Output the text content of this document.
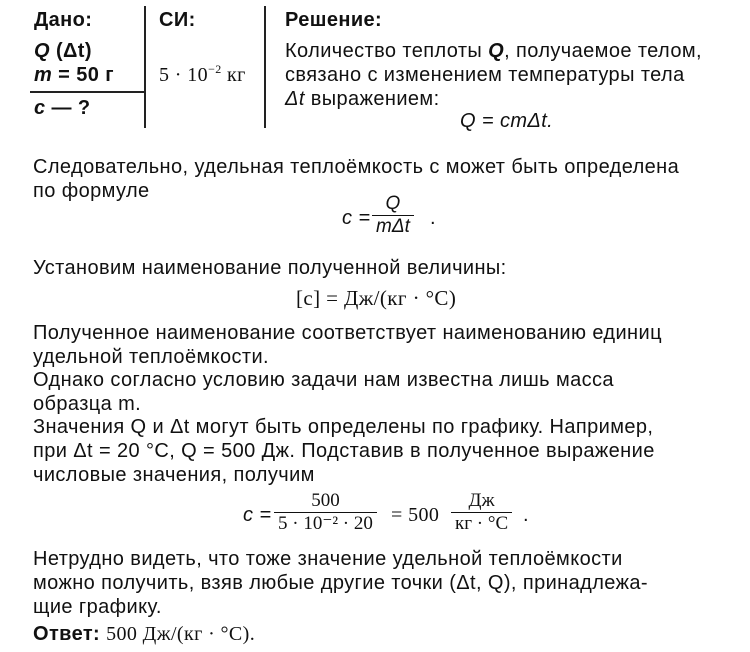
Дано:	СИ:	Решение:
Q (Δt)
m = 50 г
c — ?
$5 \cdot 10^{-2}$ кг
Количество теплоты Q, получаемое телом,
связано с изменением температуры тела
Δt выражением:
Q = cmΔt.
Следовательно, удельная теплоёмкость c может быть определена
по формуле
c =
Q
mΔt .
Установим наименование полученной величины:
[c] = Дж/(кг · °С)
Полученное наименование соответствует наименованию единиц
удельной теплоёмкости.
Однако согласно условию задачи нам известна лишь масса
образца m.
Значения Q и Δt могут быть определены по графику. Например,
при Δt = 20 °С, Q = 500 Дж. Подставив в полученное выражение
числовые значения, получим
c =
500
5 · 10⁻² · 20 = 500
Дж
кг · °С .
Нетрудно видеть, что тоже значение удельной теплоёмкости
можно получить, взяв любые другие точки (Δt, Q), принадлежа-
щие графику.
Ответ: 500 Дж/(кг · °С).
